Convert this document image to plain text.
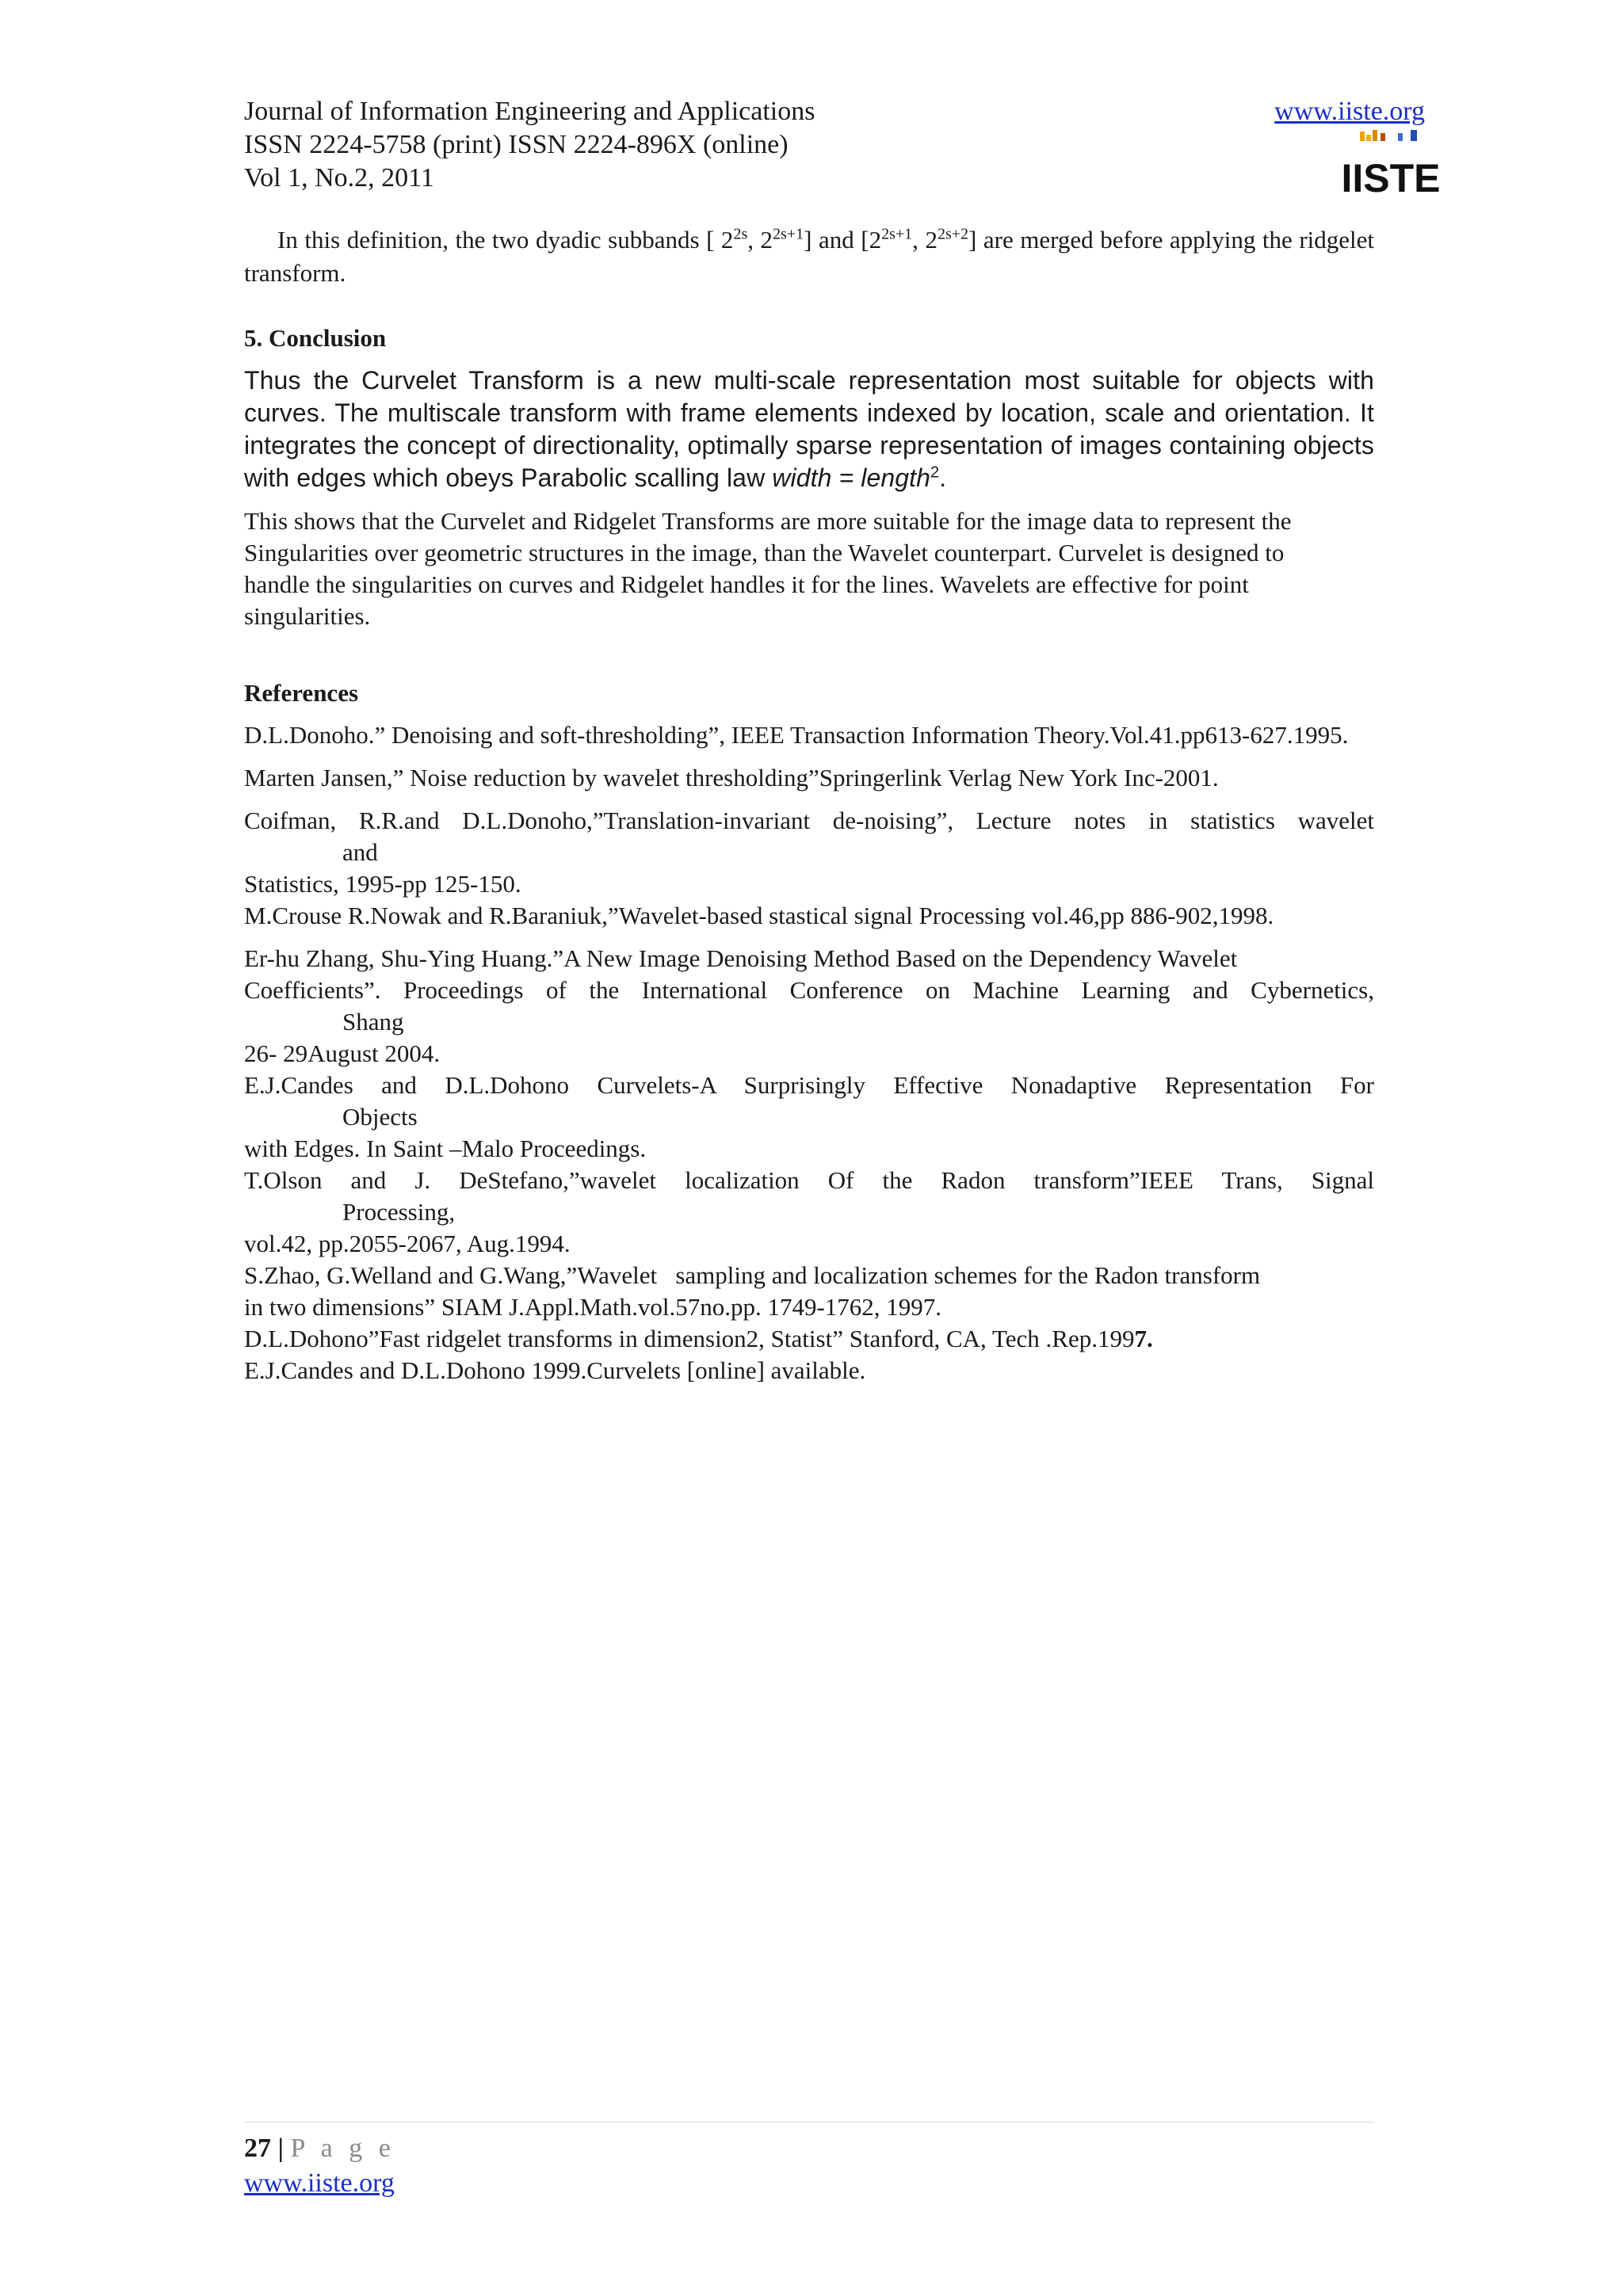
Journal of Information Engineering and Applications
ISSN 2224-5758 (print) ISSN 2224-896X (online)
Vol 1, No.2, 2011
www.iiste.org
IISTE

In this definition, the two dyadic subbands [ $2^{2s}$, $2^{2s+1}$] and [$2^{2s+1}$, $2^{2s+2}$] are merged before applying the ridgelet transform.

5. Conclusion

Thus the Curvelet Transform is a new multi-scale representation most suitable for objects with curves. The multiscale transform with frame elements indexed by location, scale and orientation. It integrates the concept of directionality, optimally sparse representation of images containing objects with edges which obeys Parabolic scalling law width = length$^2$.

This shows that the Curvelet and Ridgelet Transforms are more suitable for the image data to represent the

Singularities over geometric structures in the image, than the Wavelet counterpart. Curvelet is designed to

handle the singularities on curves and Ridgelet handles it for the lines. Wavelets are effective for point singularities.

References

D.L.Donoho.” Denoising and soft-thresholding”, IEEE Transaction Information Theory.Vol.41.pp613-627.1995.

Marten Jansen,” Noise reduction by wavelet thresholding”Springerlink Verlag New York Inc-2001.

Coifman, R.R.and D.L.Donoho,”Translation-invariant de-noising”, Lecture notes in statistics wavelet
and
Statistics, 1995-pp 125-150.

M.Crouse R.Nowak and R.Baraniuk,”Wavelet-based stastical signal Processing vol.46,pp 886-902,1998.

Er-hu Zhang, Shu-Ying Huang.”A New Image Denoising Method Based on the Dependency Wavelet
Coefficients”. Proceedings of the International Conference on Machine Learning and Cybernetics,
Shang
26- 29August 2004.
E.J.Candes and D.L.Dohono Curvelets-A Surprisingly Effective Nonadaptive Representation For
Objects
with Edges. In Saint –Malo Proceedings.
T.Olson and J. DeStefano,”wavelet localization Of the Radon transform”IEEE Trans, Signal
Processing,
vol.42, pp.2055-2067, Aug.1994.
S.Zhao, G.Welland and G.Wang,”Wavelet   sampling and localization schemes for the Radon transform
in two dimensions” SIAM J.Appl.Math.vol.57no.pp. 1749-1762, 1997.

D.L.Dohono”Fast ridgelet transforms in dimension2, Statist” Stanford, CA, Tech .Rep.1997.

E.J.Candes and D.L.Dohono 1999.Curvelets [online] available.

27 | P a g e
www.iiste.org
